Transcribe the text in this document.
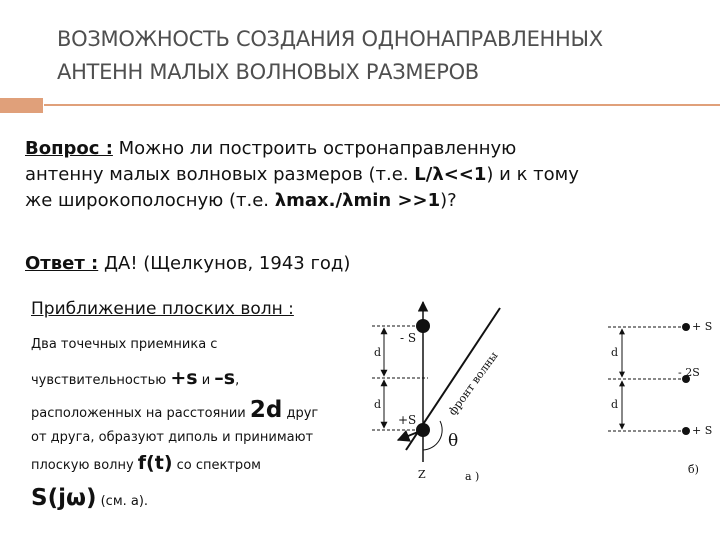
ВОЗМОЖНОСТЬ СОЗДАНИЯ ОДНОНАПРАВЛЕННЫХ
АНТЕНН МАЛЫХ ВОЛНОВЫХ РАЗМЕРОВ
Вопрос : Можно ли построить остронаправленную
антенну малых волновых размеров (т.е. L/λ<<1) и к тому
же широкополосную (т.е. λmax./λmin >>1)?
Ответ : ДА! (Щелкунов, 1943 год)
Приближение плоских волн :
Два точечных приемника с
чувствительностью +s и –s,
расположенных на расстоянии 2d друг
от друга, образуют диполь и принимают
плоскую волну f(t) со спектром
S(jω) (см. а).
d
d
- S
+S
фронт волны
θ
Z	а )
d
d
+ S
- 2S
+ S
б)
